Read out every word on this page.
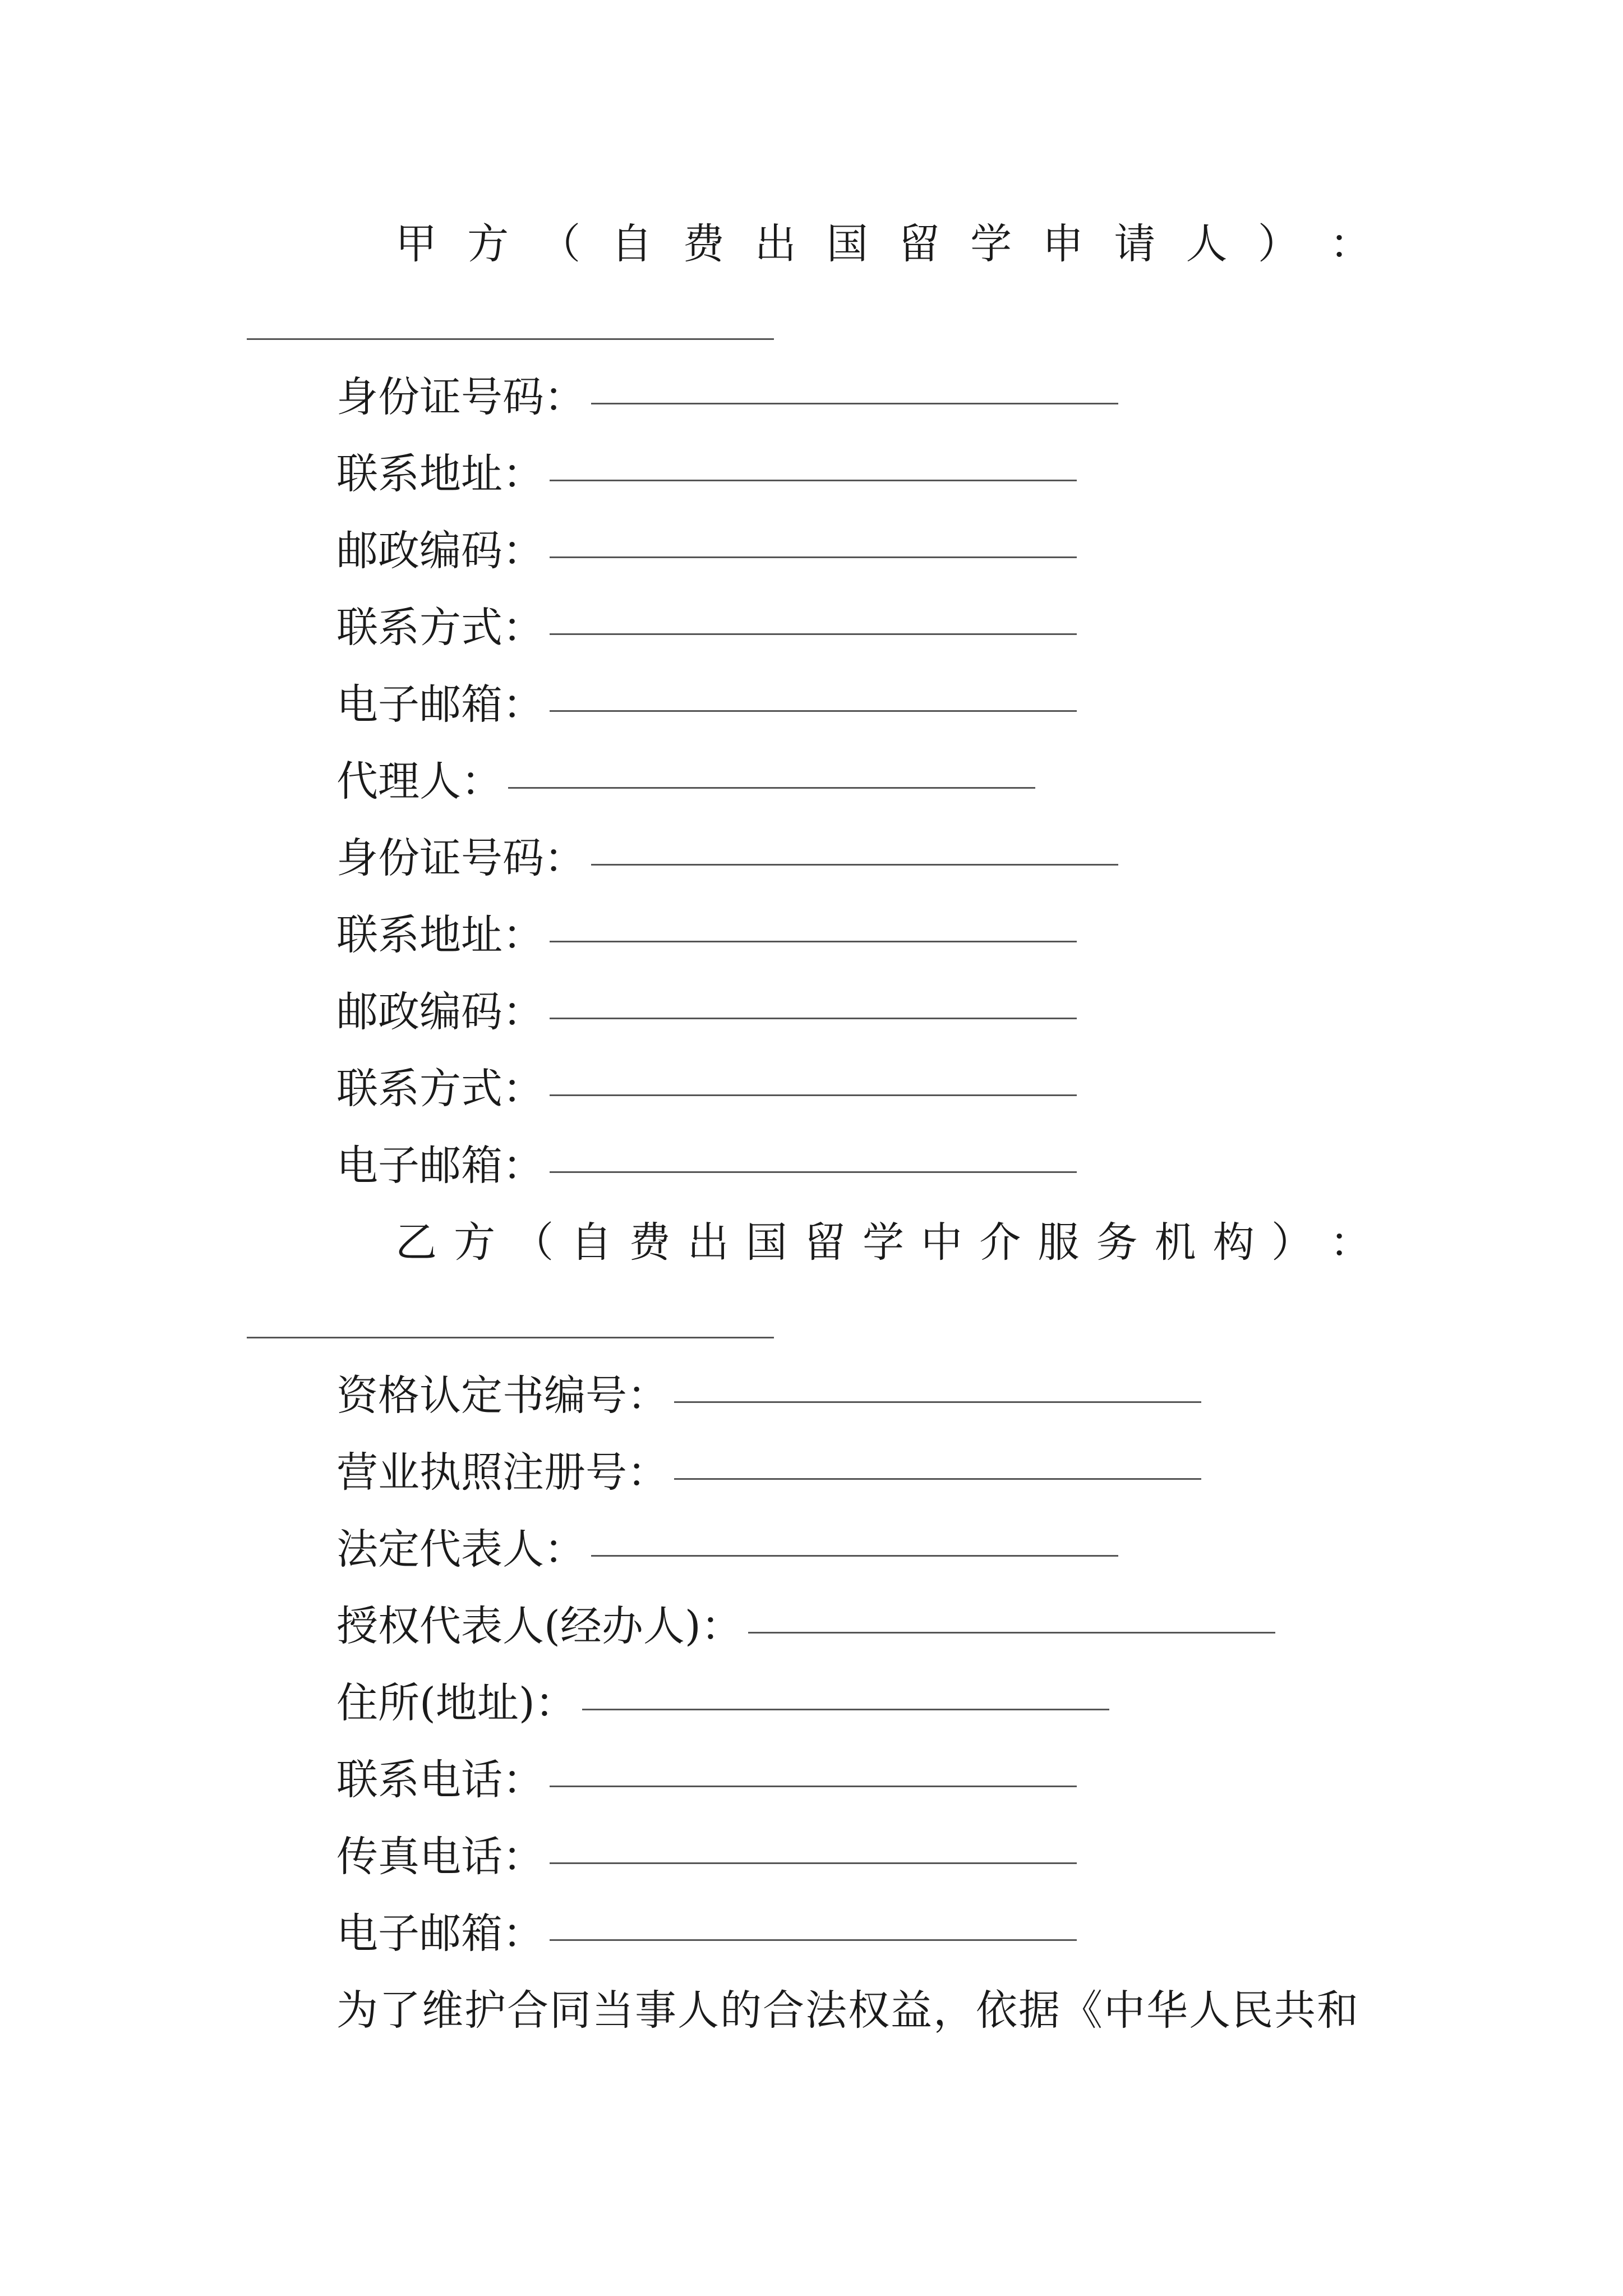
甲 方 （ 自 费 出 国 留 学 申 请 人 ） ：
身份证号码：
联系地址：
邮政编码：
联系方式：
电子邮箱：
代理人：
身份证号码：
联系地址：
邮政编码：
联系方式：
电子邮箱：
乙 方 （ 自 费 出 国 留 学 中 介 服 务 机 构 ） ：
资格认定书编号：
营业执照注册号：
法定代表人：
授权代表人(经办人)：
住所(地址)：
联系电话：
传真电话：
电子邮箱：
为了维护合同当事人的合法权益，依据《中华人民共和
